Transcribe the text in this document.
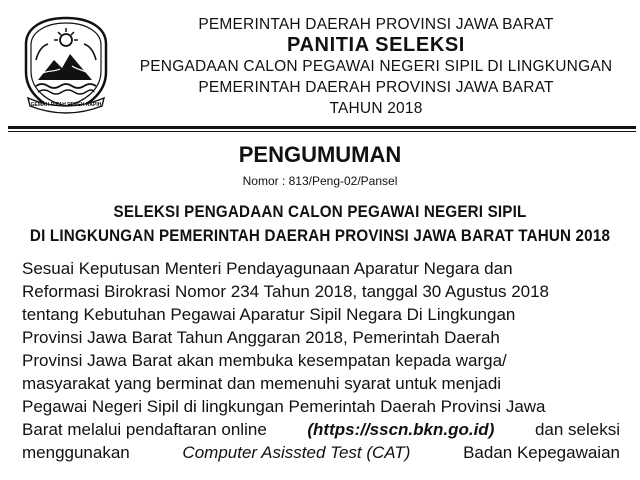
GEMAH RIPAH REPEH RAPIH
PEMERINTAH DAERAH PROVINSI JAWA BARAT
PANITIA SELEKSI
PENGADAAN CALON PEGAWAI NEGERI SIPIL DI LINGKUNGAN
PEMERINTAH DAERAH PROVINSI JAWA BARAT
TAHUN 2018
PENGUMUMAN
Nomor : 813/Peng-02/Pansel
SELEKSI PENGADAAN CALON PEGAWAI NEGERI SIPIL
DI LINGKUNGAN PEMERINTAH DAERAH PROVINSI JAWA BARAT TAHUN 2018
Sesuai Keputusan Menteri Pendayagunaan Aparatur Negara dan
Reformasi Birokrasi Nomor 234 Tahun 2018, tanggal 30 Agustus 2018
tentang Kebutuhan Pegawai Aparatur Sipil Negara Di Lingkungan
Provinsi Jawa Barat Tahun Anggaran 2018, Pemerintah Daerah
Provinsi Jawa Barat akan membuka kesempatan kepada warga/
masyarakat yang berminat dan memenuhi syarat untuk menjadi
Pegawai Negeri Sipil di lingkungan Pemerintah Daerah Provinsi Jawa
Barat melalui pendaftaran online (https://sscn.bkn.go.id) dan seleksi
menggunakan	Computer Asissted Test (CAT)	Badan Kepegawaian
